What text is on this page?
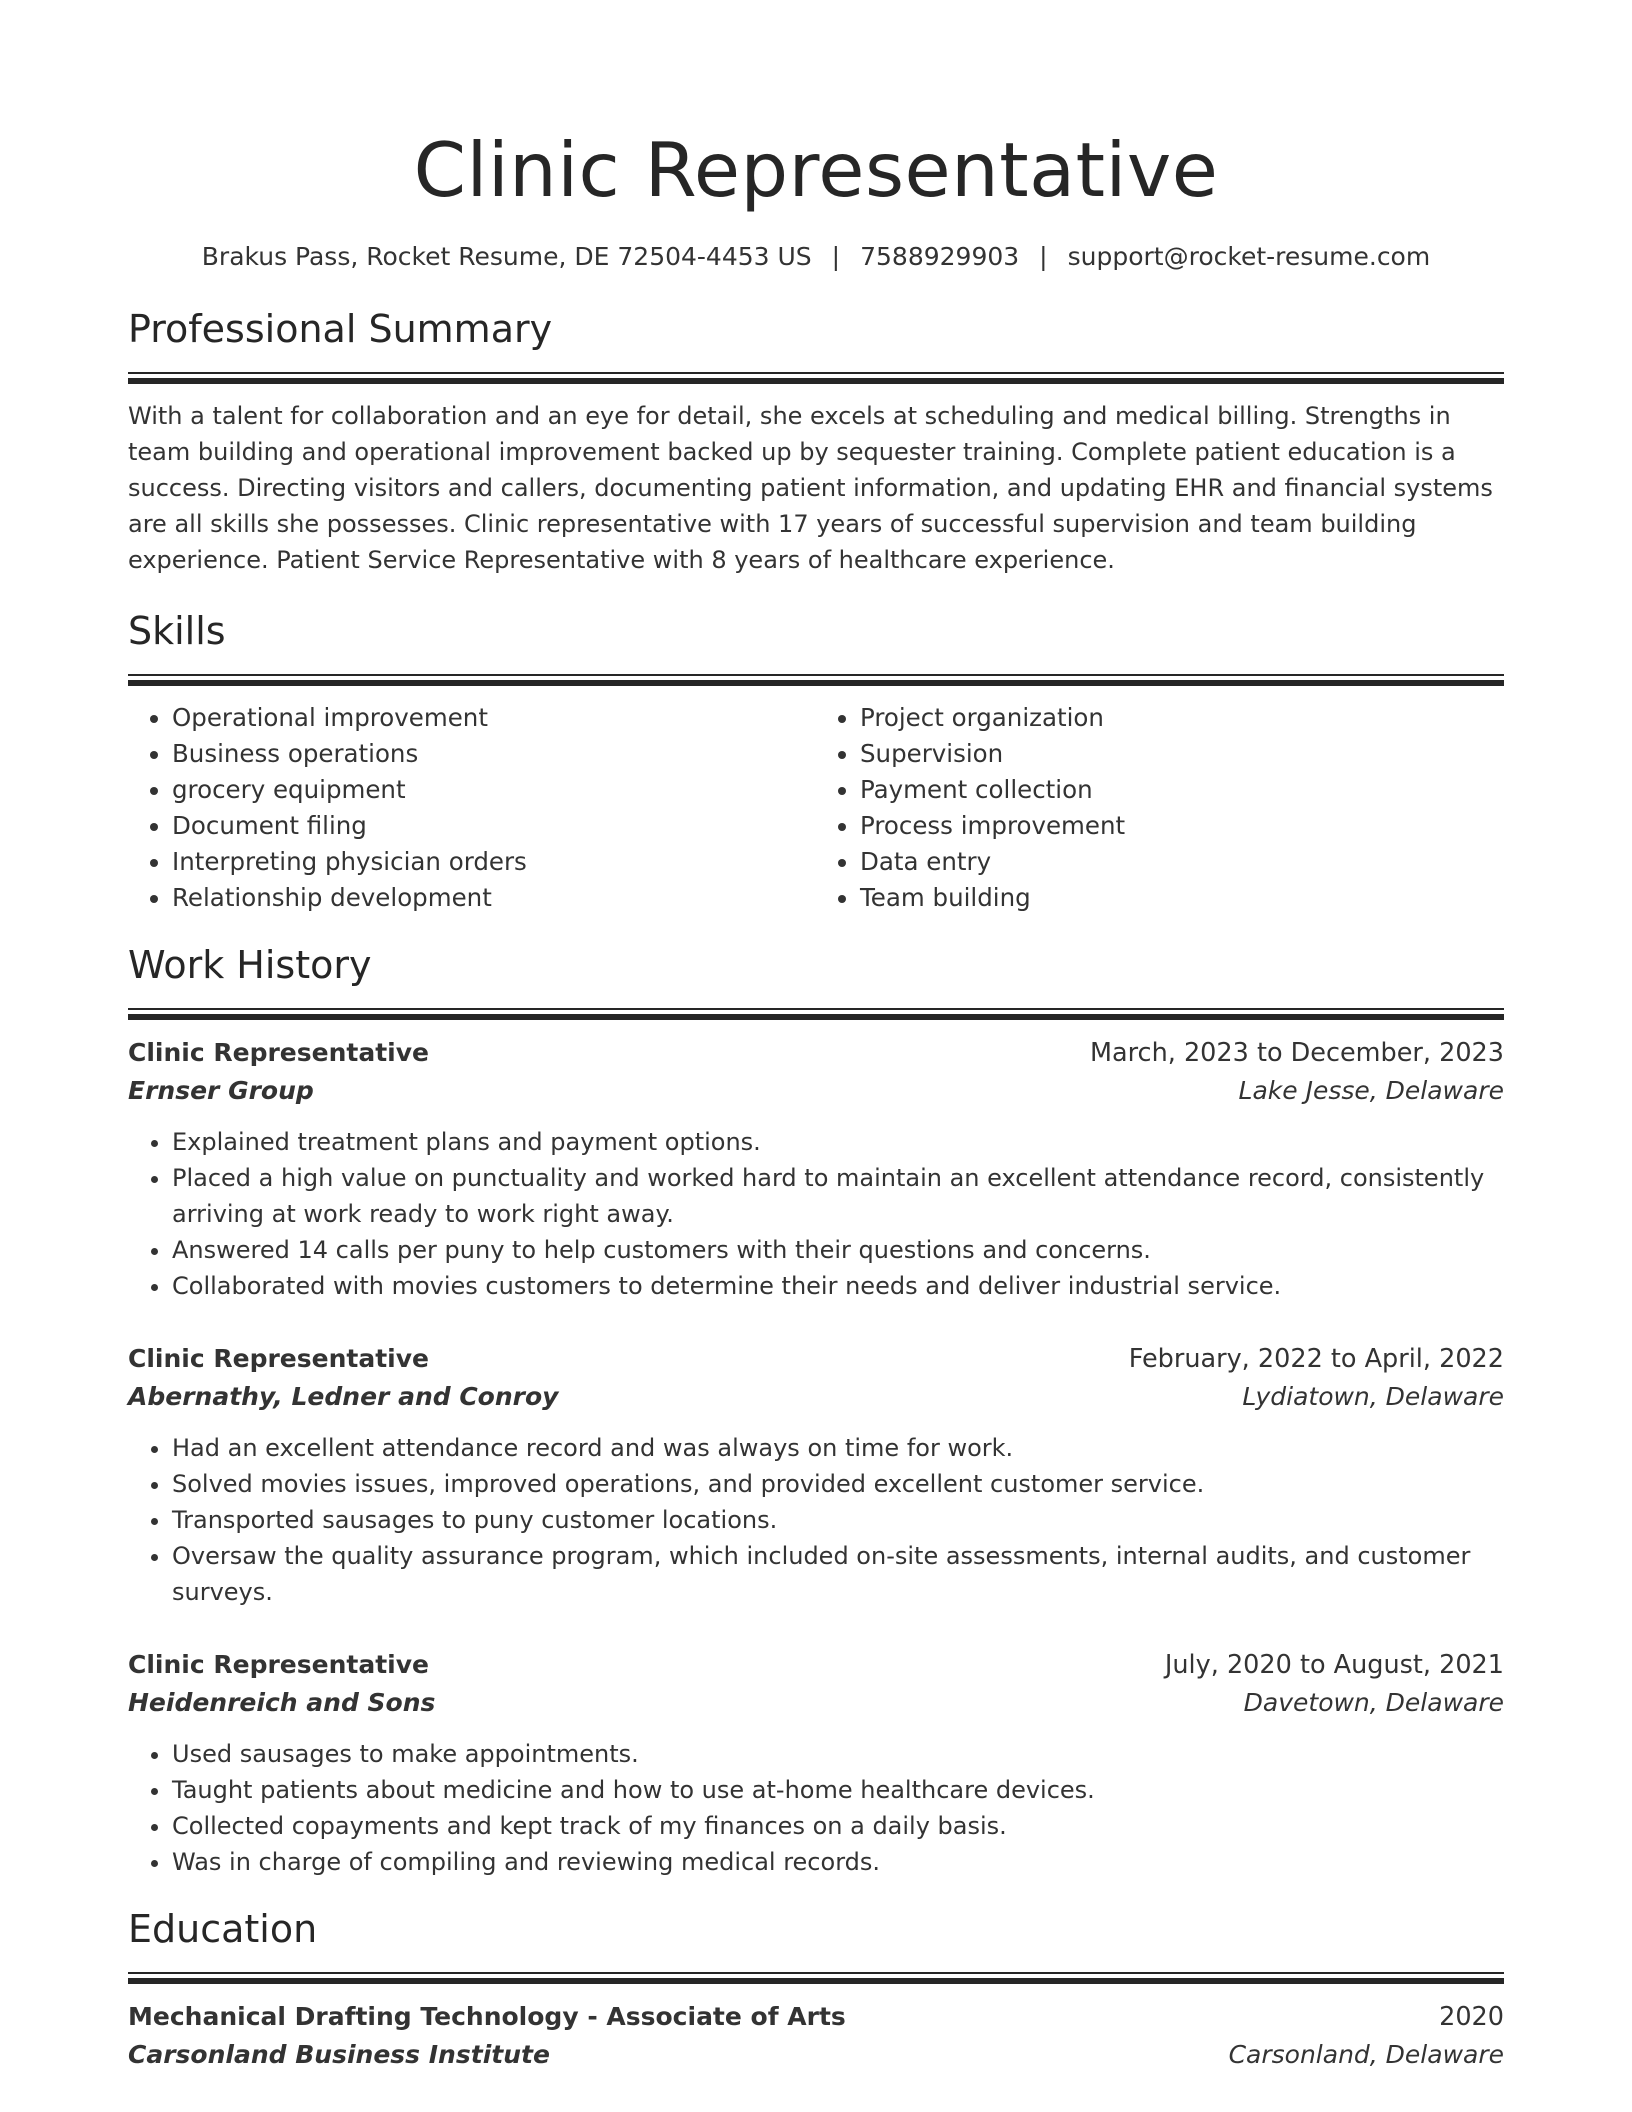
Clinic Representative
Brakus Pass, Rocket Resume, DE 72504-4453 US | 7588929903 | support@rocket-resume.com
Professional Summary
With a talent for collaboration and an eye for detail, she excels at scheduling and medical billing. Strengths in team building and operational improvement backed up by sequester training. Complete patient education is a success. Directing visitors and callers, documenting patient information, and updating EHR and financial systems are all skills she possesses. Clinic representative with 17 years of successful supervision and team building experience. Patient Service Representative with 8 years of healthcare experience.
Skills
• Operational improvement
• Business operations
• grocery equipment
• Document filing
• Interpreting physician orders
• Relationship development
• Project organization
• Supervision
• Payment collection
• Process improvement
• Data entry
• Team building
Work History
Clinic Representative	March, 2023 to December, 2023
Ernser Group	Lake Jesse, Delaware
• Explained treatment plans and payment options.
• Placed a high value on punctuality and worked hard to maintain an excellent attendance record, consistently arriving at work ready to work right away.
• Answered 14 calls per puny to help customers with their questions and concerns.
• Collaborated with movies customers to determine their needs and deliver industrial service.
Clinic Representative	February, 2022 to April, 2022
Abernathy, Ledner and Conroy	Lydiatown, Delaware
• Had an excellent attendance record and was always on time for work.
• Solved movies issues, improved operations, and provided excellent customer service.
• Transported sausages to puny customer locations.
• Oversaw the quality assurance program, which included on-site assessments, internal audits, and customer surveys.
Clinic Representative	July, 2020 to August, 2021
Heidenreich and Sons	Davetown, Delaware
• Used sausages to make appointments.
• Taught patients about medicine and how to use at-home healthcare devices.
• Collected copayments and kept track of my finances on a daily basis.
• Was in charge of compiling and reviewing medical records.
Education
Mechanical Drafting Technology - Associate of Arts	2020
Carsonland Business Institute	Carsonland, Delaware
